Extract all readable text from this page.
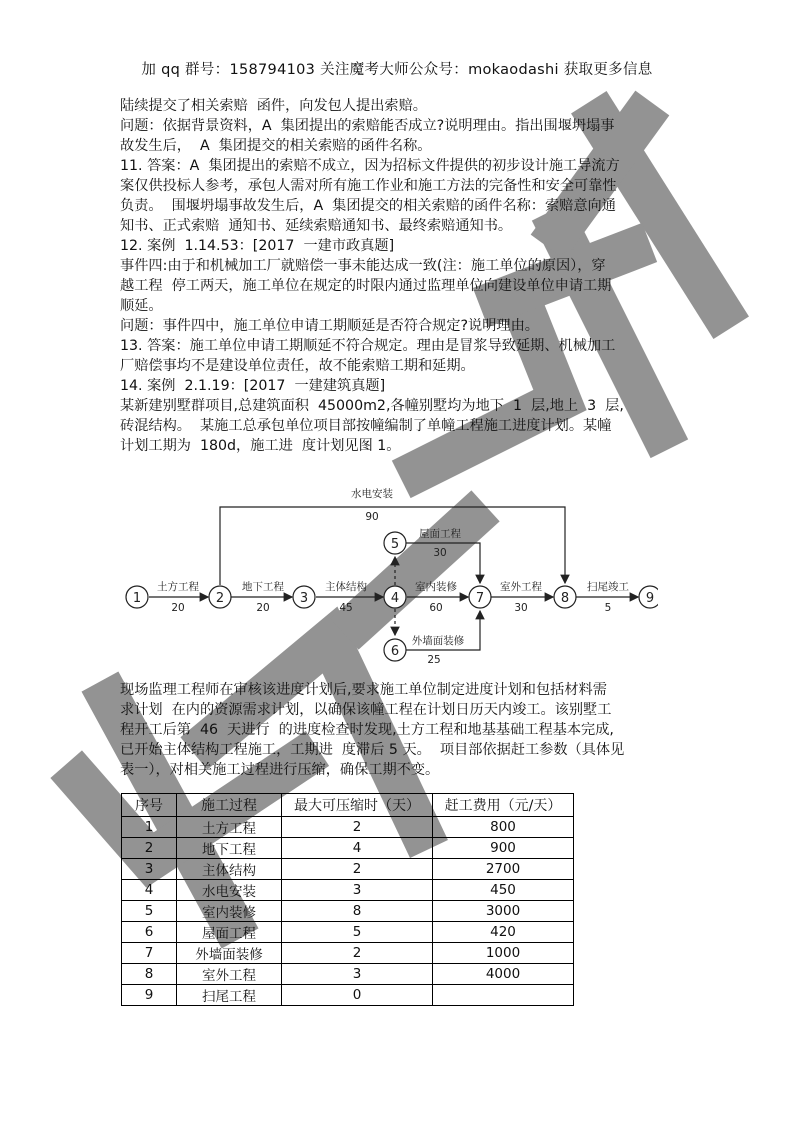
加 qq 群号：158794103 关注魔考大师公众号：mokaodashi 获取更多信息

陆续提交了相关索赔  函件，向发包人提出索赔。

问题：依据背景资料，A  集团提出的索赔能否成立?说明理由。指出围堰坍塌事

故发生后，  A  集团提交的相关索赔的函件名称。

11. 答案：A  集团提出的索赔不成立，因为招标文件提供的初步设计施工导流方

案仅供投标人参考，承包人需对所有施工作业和施工方法的完备性和安全可靠性

负责。  围堰坍塌事故发生后，A  集团提交的相关索赔的函件名称：索赔意向通

知书、正式索赔  通知书、延续索赔通知书、最终索赔通知书。

12. 案例  1.14.53：[2017  一建市政真题]

事件四:由于和机械加工厂就赔偿一事未能达成一致(注：施工单位的原因），穿

越工程  停工两天，施工单位在规定的时限内通过监理单位向建设单位申请工期

顺延。

问题：事件四中，施工单位申请工期顺延是否符合规定?说明理由。

13. 答案：施工单位申请工期顺延不符合规定。理由是冒浆导致延期、机械加工

厂赔偿事均不是建设单位责任，故不能索赔工期和延期。

14. 案例  2.1.19：[2017  一建建筑真题]

某新建别墅群项目,总建筑面积  45000m2,各幢别墅均为地下  1  层,地上  3  层,

砖混结构。  某施工总承包单位项目部按幢编制了单幢工程施工进度计划。某幢

计划工期为  180d，施工进  度计划见图 1。

1	2	3	4
5
6
7	8	9
土方工程
20
地下工程
20
主体结构
45
室内装修
60
室外工程
30
扫尾竣工
5
水电安装
90
屋面工程
30
外墙面装修
25

现场监理工程师在审核该进度计划后,要求施工单位制定进度计划和包括材料需

求计划  在内的资源需求计划，以确保该幢工程在计划日历天内竣工。该别墅工

程开工后第  46  天进行  的进度检查时发现,土方工程和地基基础工程基本完成,

已开始主体结构工程施工，工期进  度滞后 5 天。  项目部依据赶工参数（具体见

表一），对相关施工过程进行压缩，确保工期不变。

序号	施工过程	最大可压缩时（天）	赶工费用（元/天）
1	土方工程	2	800
2	地下工程	4	900
3	主体结构	2	2700
4	水电安装	3	450
5	室内装修	8	3000
6	屋面工程	5	420
7	外墙面装修	2	1000
8	室外工程	3	4000
9	扫尾工程	0	
